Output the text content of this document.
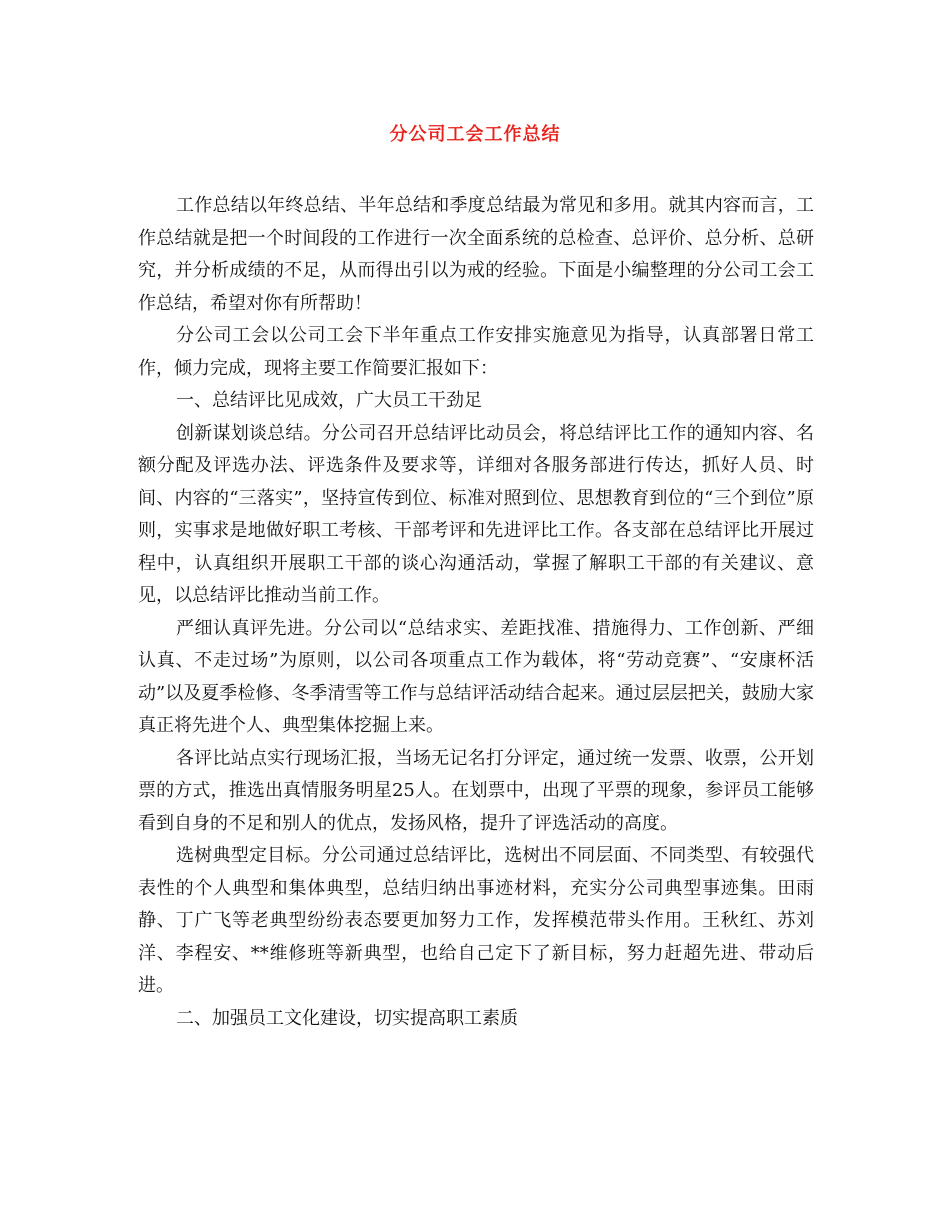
分公司工会工作总结

工作总结以年终总结、半年总结和季度总结最为常见和多用。就其内容而言，工作总结就是把一个时间段的工作进行一次全面系统的总检查、总评价、总分析、总研究，并分析成绩的不足，从而得出引以为戒的经验。下面是小编整理的分公司工会工作总结，希望对你有所帮助！

分公司工会以公司工会下半年重点工作安排实施意见为指导，认真部署日常工作，倾力完成，现将主要工作简要汇报如下：

一、总结评比见成效，广大员工干劲足

创新谋划谈总结。分公司召开总结评比动员会，将总结评比工作的通知内容、名额分配及评选办法、评选条件及要求等，详细对各服务部进行传达，抓好人员、时间、内容的“三落实”，坚持宣传到位、标准对照到位、思想教育到位的“三个到位”原则，实事求是地做好职工考核、干部考评和先进评比工作。各支部在总结评比开展过程中，认真组织开展职工干部的谈心沟通活动，掌握了解职工干部的有关建议、意见，以总结评比推动当前工作。

严细认真评先进。分公司以“总结求实、差距找准、措施得力、工作创新、严细认真、不走过场”为原则，以公司各项重点工作为载体，将“劳动竞赛”、“安康杯活动”以及夏季检修、冬季清雪等工作与总结评活动结合起来。通过层层把关，鼓励大家真正将先进个人、典型集体挖掘上来。

各评比站点实行现场汇报，当场无记名打分评定，通过统一发票、收票，公开划票的方式，推选出真情服务明星25人。在划票中，出现了平票的现象，参评员工能够看到自身的不足和别人的优点，发扬风格，提升了评选活动的高度。

选树典型定目标。分公司通过总结评比，选树出不同层面、不同类型、有较强代表性的个人典型和集体典型，总结归纳出事迹材料，充实分公司典型事迹集。田雨静、丁广飞等老典型纷纷表态要更加努力工作，发挥模范带头作用。王秋红、苏刘洋、李程安、**维修班等新典型，也给自己定下了新目标，努力赶超先进、带动后进。

二、加强员工文化建设，切实提高职工素质
